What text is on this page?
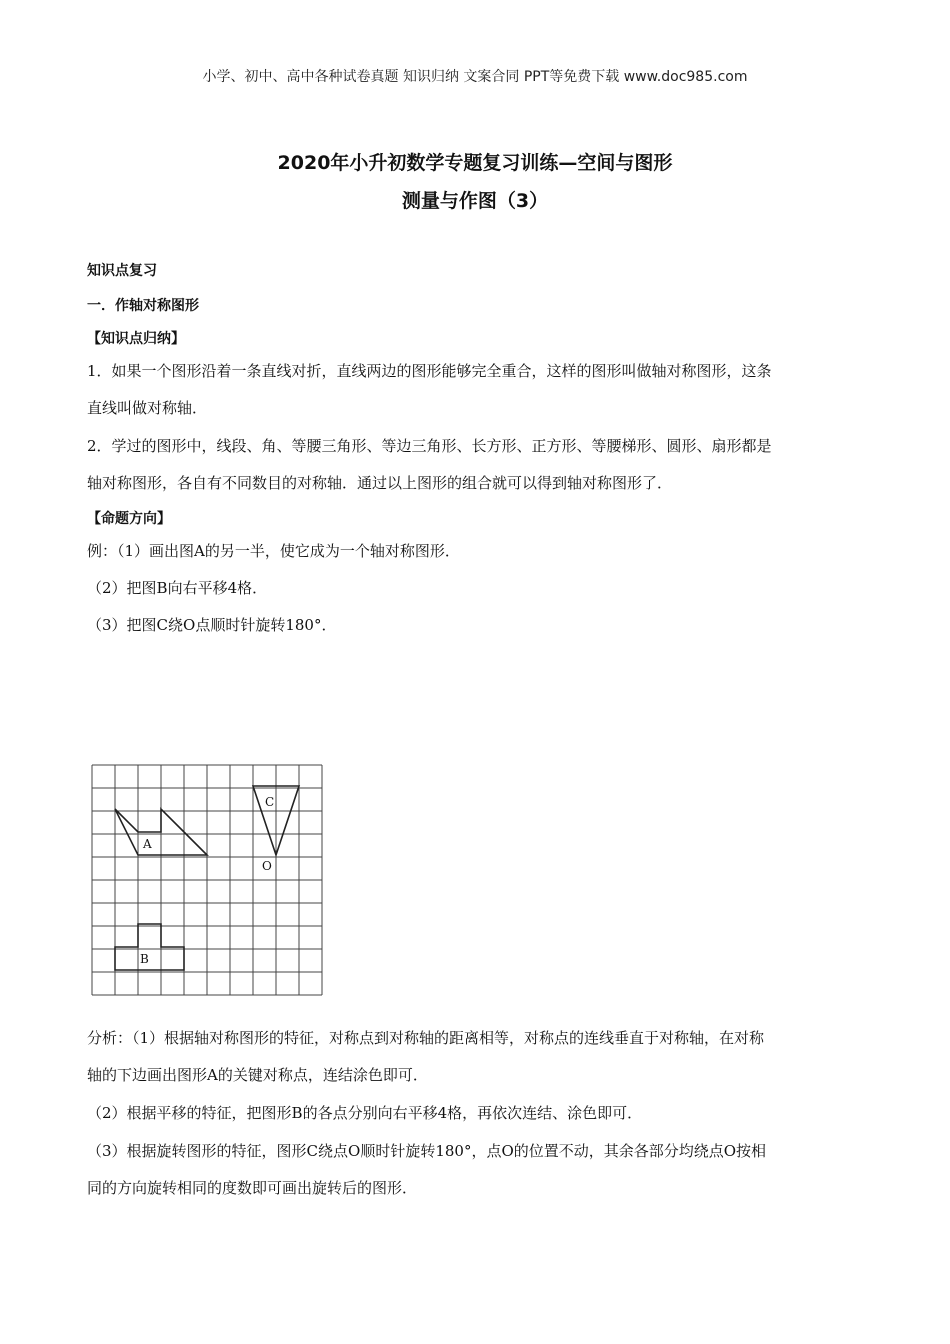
小学、初中、高中各种试卷真题 知识归纳 文案合同 PPT等免费下载 www.doc985.com
2020年小升初数学专题复习训练—空间与图形
测量与作图（3）
知识点复习
一．作轴对称图形
【知识点归纳】
1．如果一个图形沿着一条直线对折，直线两边的图形能够完全重合，这样的图形叫做轴对称图形，这条
直线叫做对称轴．
2．学过的图形中，线段、角、等腰三角形、等边三角形、长方形、正方形、等腰梯形、圆形、扇形都是
轴对称图形，各自有不同数目的对称轴．通过以上图形的组合就可以得到轴对称图形了．
【命题方向】
例：（1）画出图A的另一半，使它成为一个轴对称图形．
（2）把图B向右平移4格．
（3）把图C绕O点顺时针旋转180°．
A
B
C
O
分析：（1）根据轴对称图形的特征，对称点到对称轴的距离相等，对称点的连线垂直于对称轴，在对称
轴的下边画出图形A的关键对称点，连结涂色即可．
（2）根据平移的特征，把图形B的各点分别向右平移4格，再依次连结、涂色即可．
（3）根据旋转图形的特征，图形C绕点O顺时针旋转180°，点O的位置不动，其余各部分均绕点O按相
同的方向旋转相同的度数即可画出旋转后的图形．
